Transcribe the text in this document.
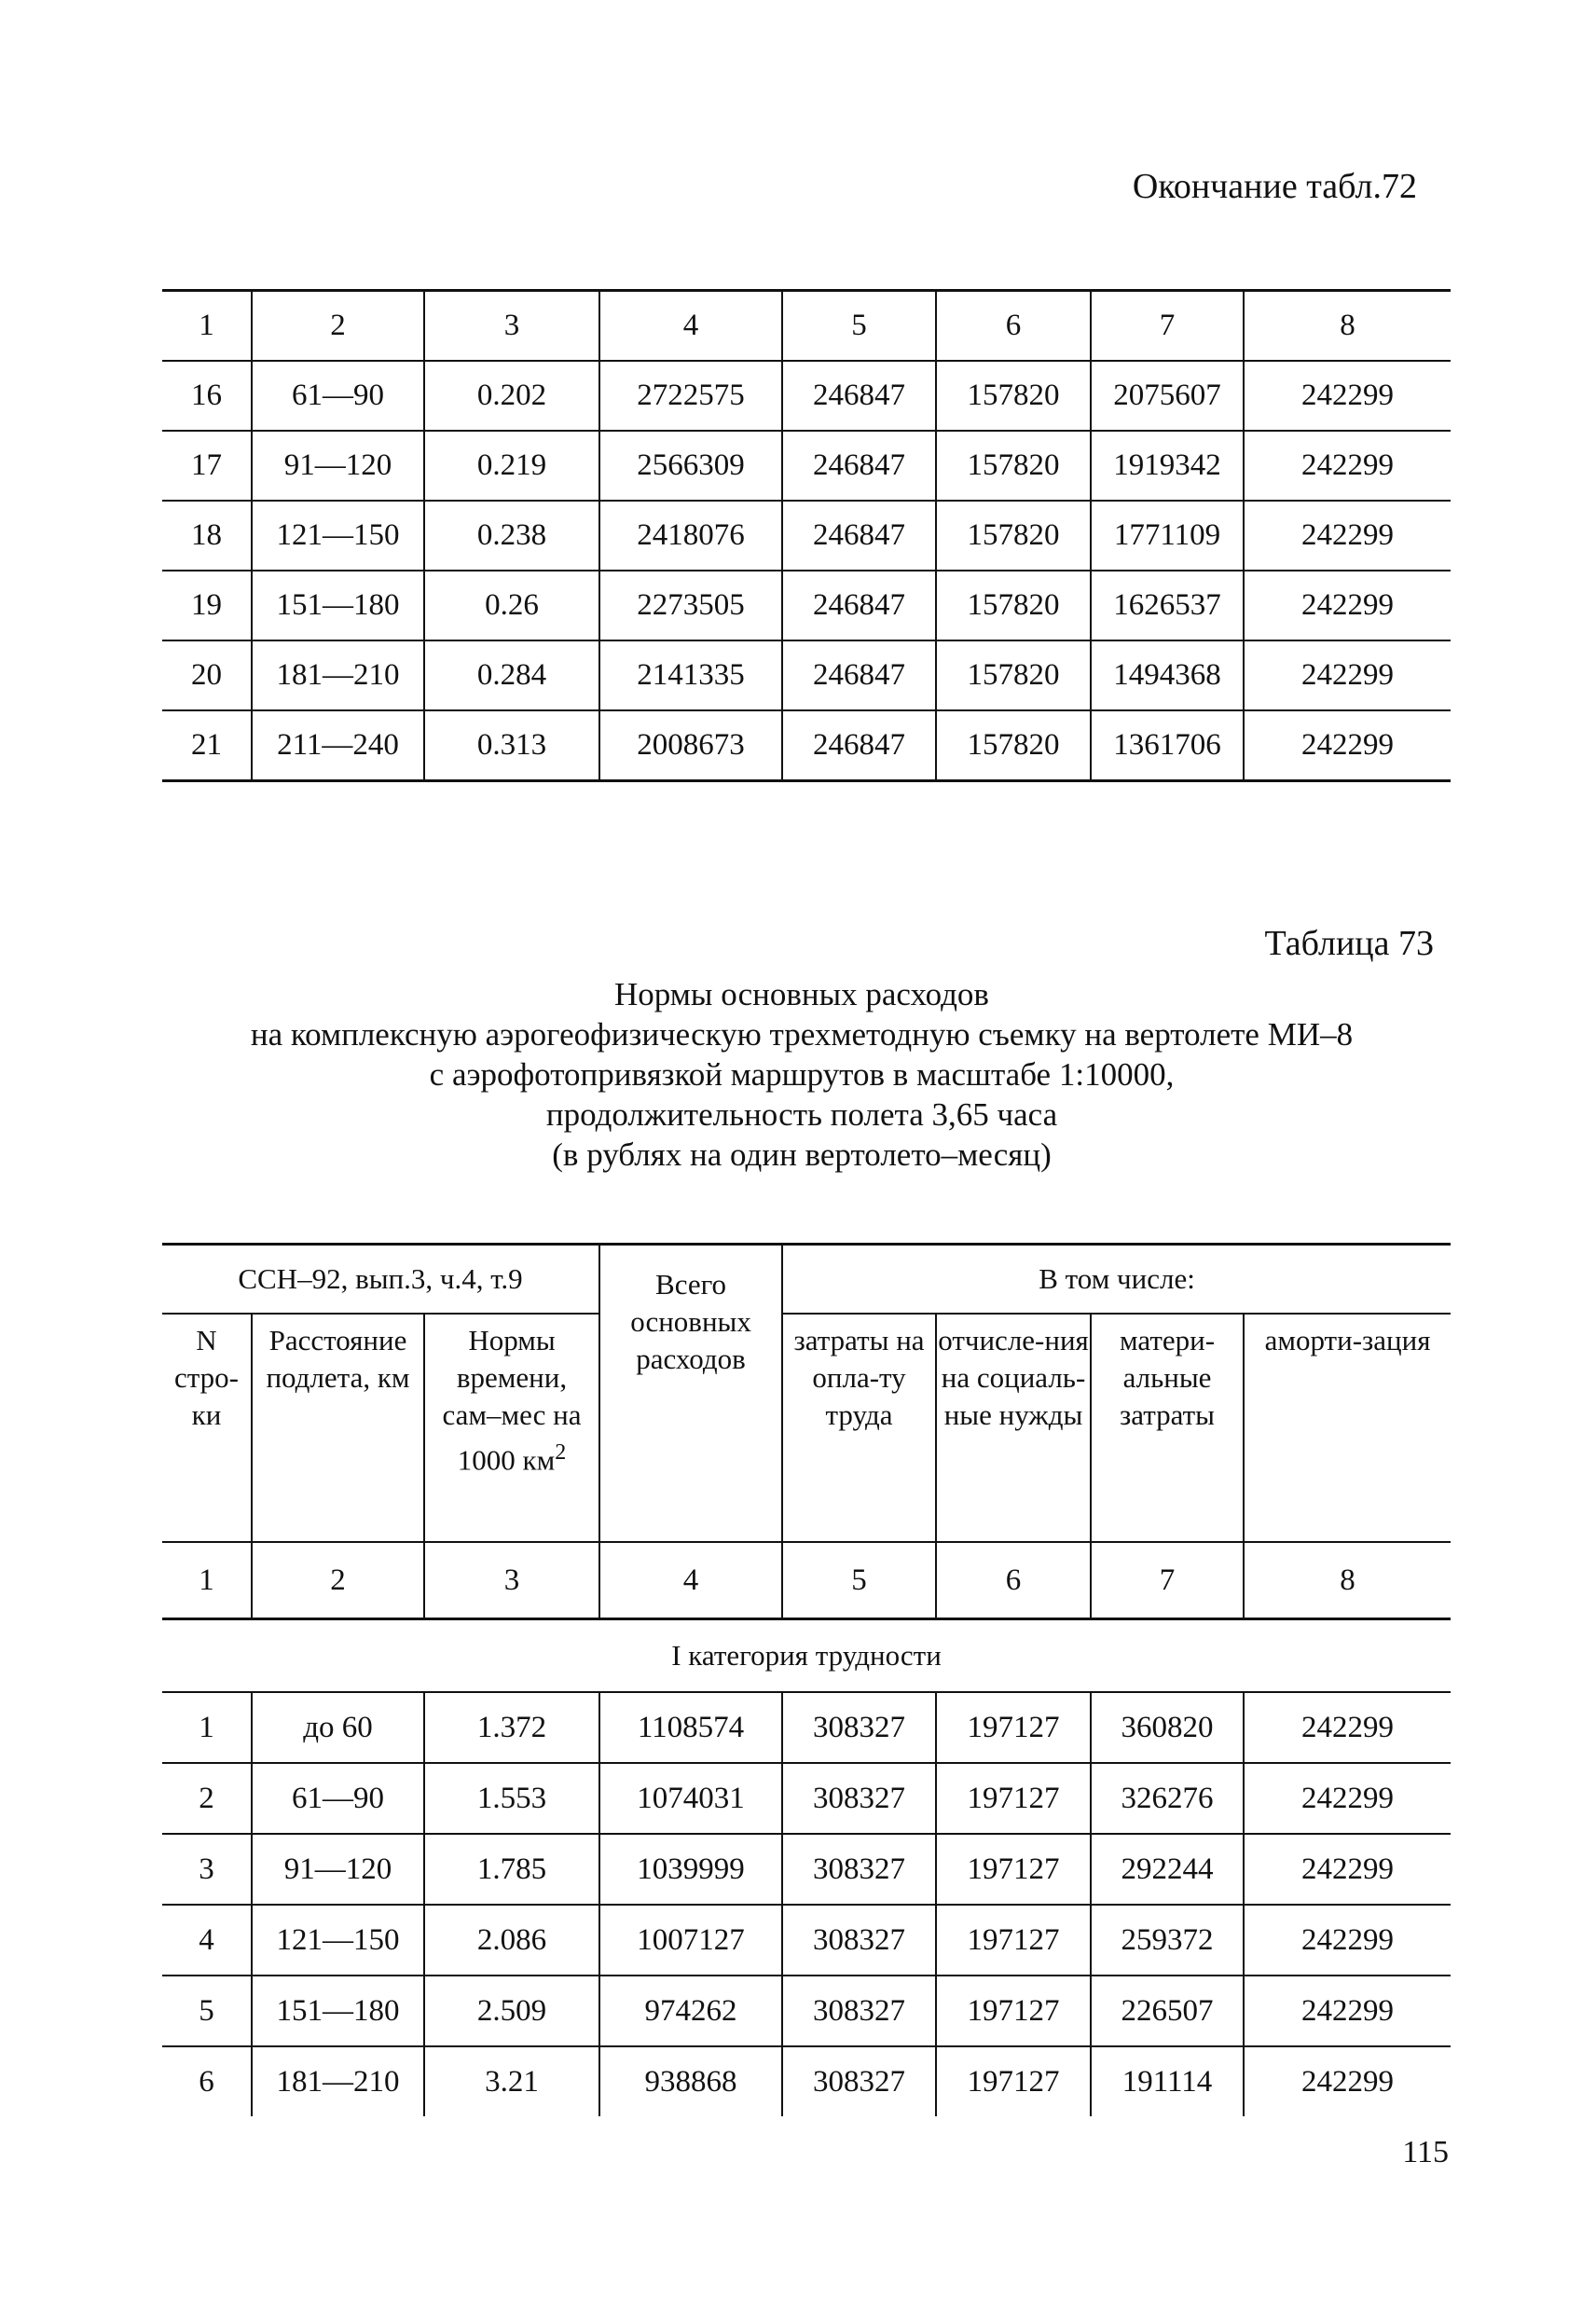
Окончание табл.72
1	2	3	4	5	6	7	8
16	61—90	0.202	2722575	246847	157820	2075607	242299
17	91—120	0.219	2566309	246847	157820	1919342	242299
18	121—150	0.238	2418076	246847	157820	1771109	242299
19	151—180	0.26	2273505	246847	157820	1626537	242299
20	181—210	0.284	2141335	246847	157820	1494368	242299
21	211—240	0.313	2008673	246847	157820	1361706	242299
Таблица 73
Нормы основных расходов
на комплексную аэрогеофизическую трехметодную съемку на вертолете МИ–8
с аэрофотопривязкой маршрутов в масштабе 1:10000,
продолжительность полета 3,65 часа
(в рублях на один вертолето–месяц)
ССН–92, вып.3, ч.4, т.9			Всего основных расходов	В том числе:			
N стро-ки	Расстояние подлета, км	Нормы времени, сам–мес на 1000 $км^2$		затраты на опла-ту труда	отчисле-ния на социаль-ные нужды	матери-альные затраты	аморти-зация
1	2	3	4	5	6	7	8
I категория трудности							
1	до 60	1.372	1108574	308327	197127	360820	242299
2	61—90	1.553	1074031	308327	197127	326276	242299
3	91—120	1.785	1039999	308327	197127	292244	242299
4	121—150	2.086	1007127	308327	197127	259372	242299
5	151—180	2.509	974262	308327	197127	226507	242299
6	181—210	3.21	938868	308327	197127	191114	242299
115
